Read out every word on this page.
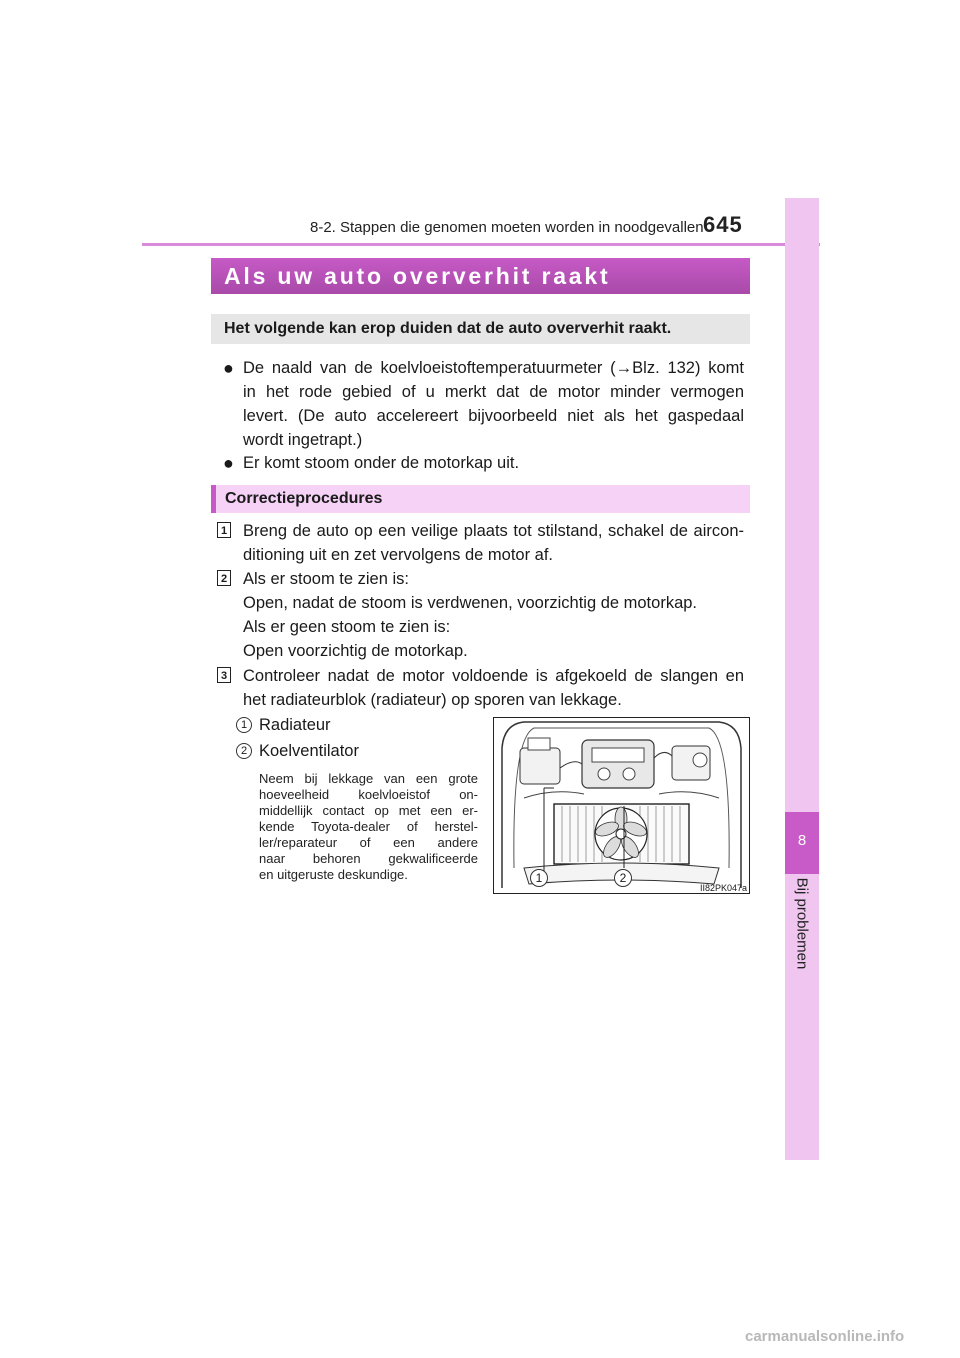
8-2. Stappen die genomen moeten worden in noodgevallen 645
8
Bij problemen
Als uw auto oververhit raakt
Het volgende kan erop duiden dat de auto oververhit raakt.
● De naald van de koelvloeistoftemperatuurmeter (→Blz. 132) komt
in het rode gebied of u merkt dat de motor minder vermogen
levert. (De auto accelereert bijvoorbeeld niet als het gaspedaal
wordt ingetrapt.)
● Er komt stoom onder de motorkap uit.
Correctieprocedures
1 Breng de auto op een veilige plaats tot stilstand, schakel de aircon-
ditioning uit en zet vervolgens de motor af.
2 Als er stoom te zien is:
Open, nadat de stoom is verdwenen, voorzichtig de motorkap.
Als er geen stoom te zien is:
Open voorzichtig de motorkap.
3 Controleer nadat de motor voldoende is afgekoeld de slangen en
het radiateurblok (radiateur) op sporen van lekkage.
1 Radiateur
2 Koelventilator
Neem bij lekkage van een grote
hoeveelheid koelvloeistof on-
middellijk contact op met een er-
kende Toyota-dealer of herstel-
ler/reparateur of een andere
naar behoren gekwalificeerde
en uitgeruste deskundige.	1	2
II82PK047a
carmanualsonline.info
